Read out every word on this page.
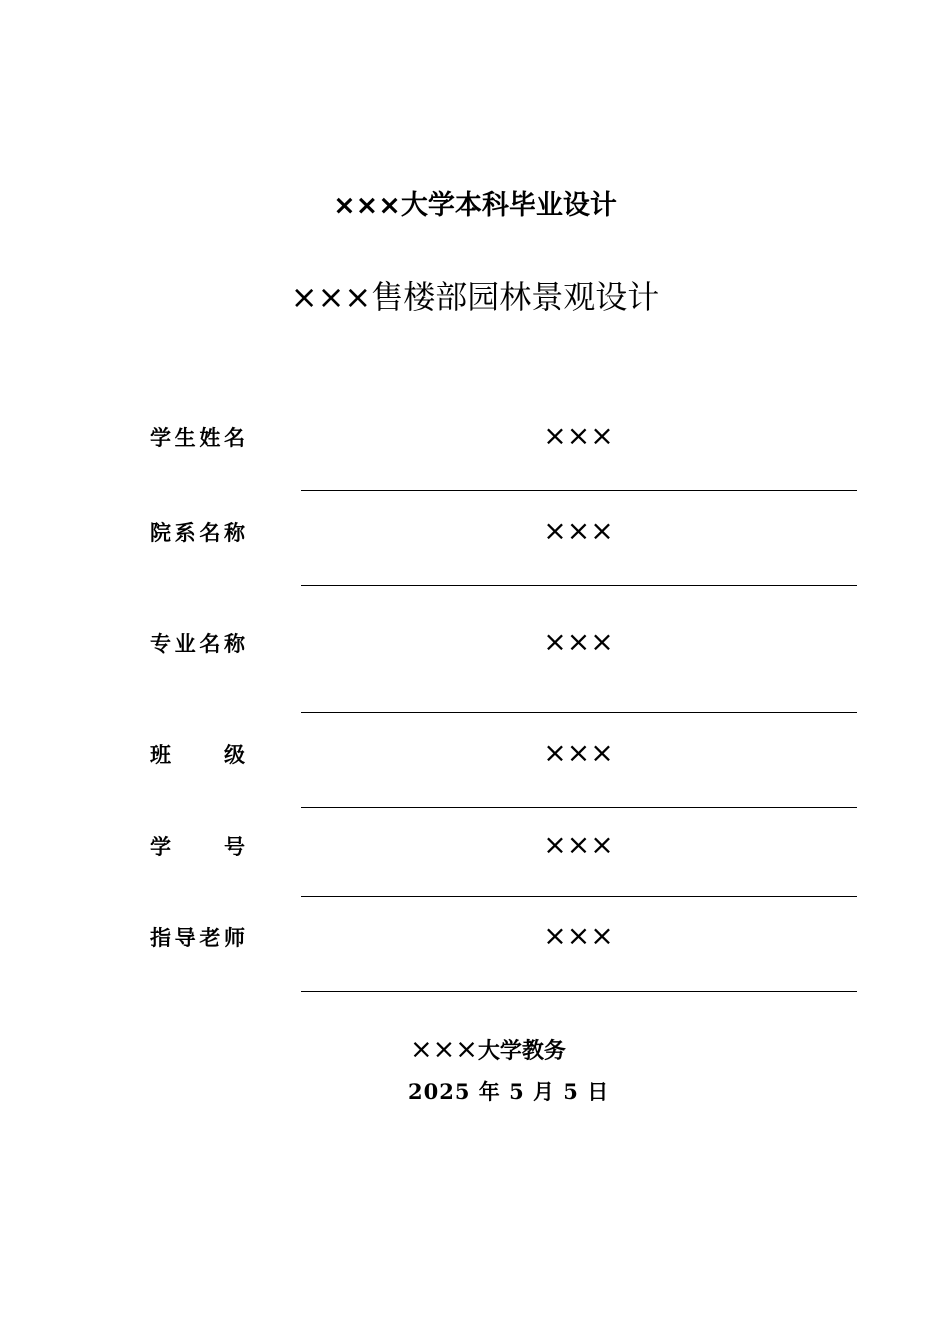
×××大学本科毕业设计
×××售楼部园林景观设计
学生姓名	×××
院系名称	×××
专业名称	×××
班级	×××
学号	×××
指导老师	×××
×××大学教务
2025 年 5 月 5 日
